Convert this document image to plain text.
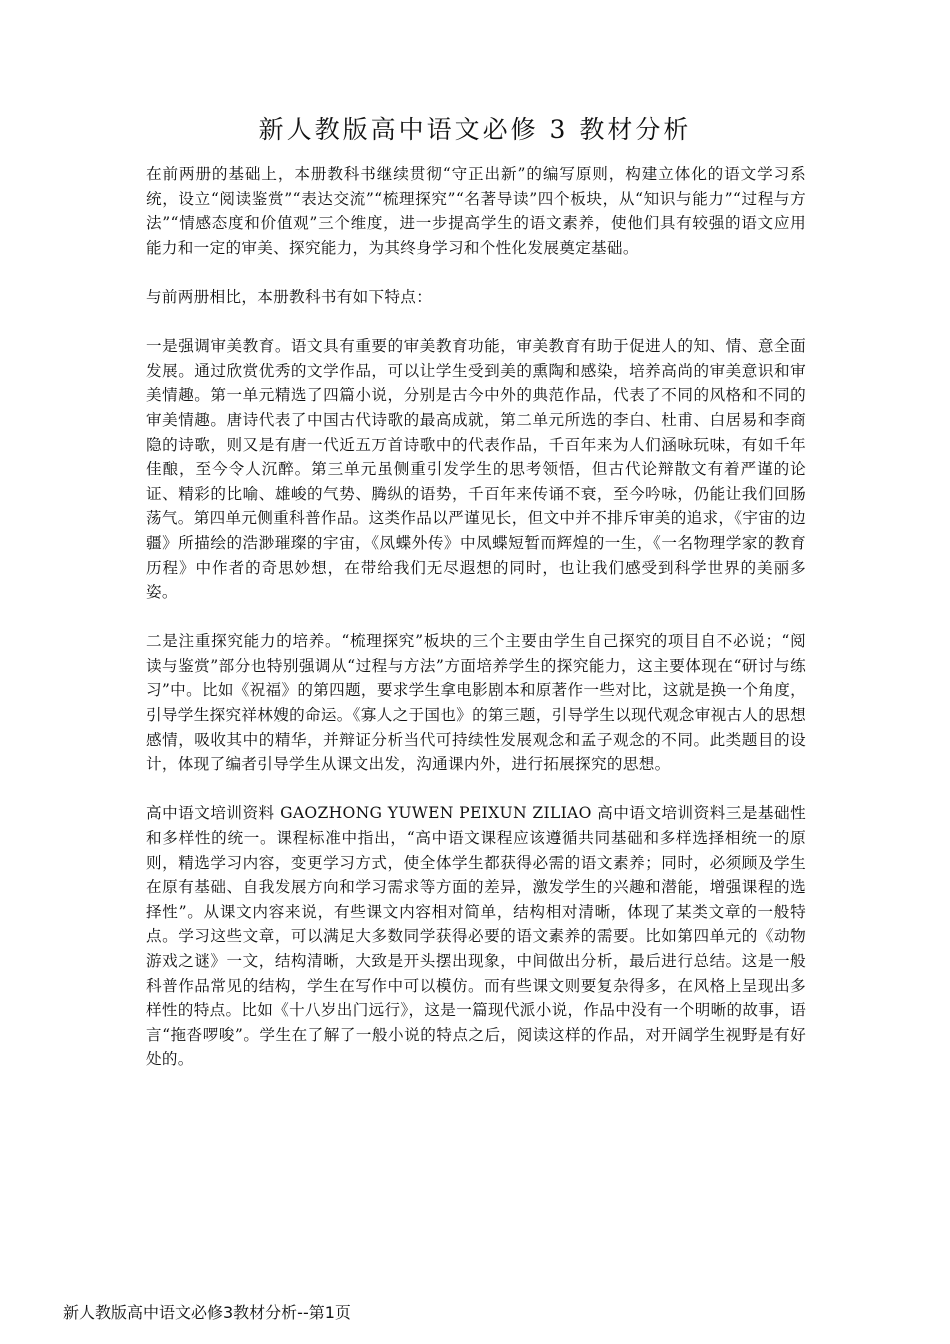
新人教版高中语文必修 3 教材分析

在前两册的基础上，本册教科书继续贯彻“守正出新”的编写原则，构建立体化的语文学习系统，设立“阅读鉴赏”“表达交流”“梳理探究”“名著导读”四个板块，从“知识与能力”“过程与方法”“情感态度和价值观”三个维度，进一步提高学生的语文素养，使他们具有较强的语文应用能力和一定的审美、探究能力，为其终身学习和个性化发展奠定基础。

与前两册相比，本册教科书有如下特点：

一是强调审美教育。语文具有重要的审美教育功能，审美教育有助于促进人的知、情、意全面发展。通过欣赏优秀的文学作品，可以让学生受到美的熏陶和感染，培养高尚的审美意识和审美情趣。第一单元精选了四篇小说，分别是古今中外的典范作品，代表了不同的风格和不同的审美情趣。唐诗代表了中国古代诗歌的最高成就，第二单元所选的李白、杜甫、白居易和李商隐的诗歌，则又是有唐一代近五万首诗歌中的代表作品，千百年来为人们涵咏玩味，有如千年佳酿，至今令人沉醉。第三单元虽侧重引发学生的思考领悟，但古代论辩散文有着严谨的论证、精彩的比喻、雄峻的气势、腾纵的语势，千百年来传诵不衰，至今吟咏，仍能让我们回肠荡气。第四单元侧重科普作品。这类作品以严谨见长，但文中并不排斥审美的追求，《宇宙的边疆》所描绘的浩渺璀璨的宇宙，《凤蝶外传》中凤蝶短暂而辉煌的一生，《一名物理学家的教育历程》中作者的奇思妙想，在带给我们无尽遐想的同时，也让我们感受到科学世界的美丽多姿。

二是注重探究能力的培养。“梳理探究”板块的三个主要由学生自己探究的项目自不必说；“阅读与鉴赏”部分也特别强调从“过程与方法”方面培养学生的探究能力，这主要体现在“研讨与练习”中。比如《祝福》的第四题，要求学生拿电影剧本和原著作一些对比，这就是换一个角度，引导学生探究祥林嫂的命运。《寡人之于国也》的第三题，引导学生以现代观念审视古人的思想感情，吸收其中的精华，并辩证分析当代可持续性发展观念和孟子观念的不同。此类题目的设计，体现了编者引导学生从课文出发，沟通课内外，进行拓展探究的思想。

高中语文培训资料 GAOZHONG YUWEN PEIXUN ZILIAO 高中语文培训资料三是基础性和多样性的统一。课程标准中指出，“高中语文课程应该遵循共同基础和多样选择相统一的原则，精选学习内容，变更学习方式，使全体学生都获得必需的语文素养；同时，必须顾及学生在原有基础、自我发展方向和学习需求等方面的差异，激发学生的兴趣和潜能，增强课程的选择性”。从课文内容来说，有些课文内容相对简单，结构相对清晰，体现了某类文章的一般特点。学习这些文章，可以满足大多数同学获得必要的语文素养的需要。比如第四单元的《动物游戏之谜》一文，结构清晰，大致是开头摆出现象，中间做出分析，最后进行总结。这是一般科普作品常见的结构，学生在写作中可以模仿。而有些课文则要复杂得多，在风格上呈现出多样性的特点。比如《十八岁出门远行》，这是一篇现代派小说，作品中没有一个明晰的故事，语言“拖沓啰唆”。学生在了解了一般小说的特点之后，阅读这样的作品，对开阔学生视野是有好处的。

新人教版高中语文必修3教材分析--第1页
